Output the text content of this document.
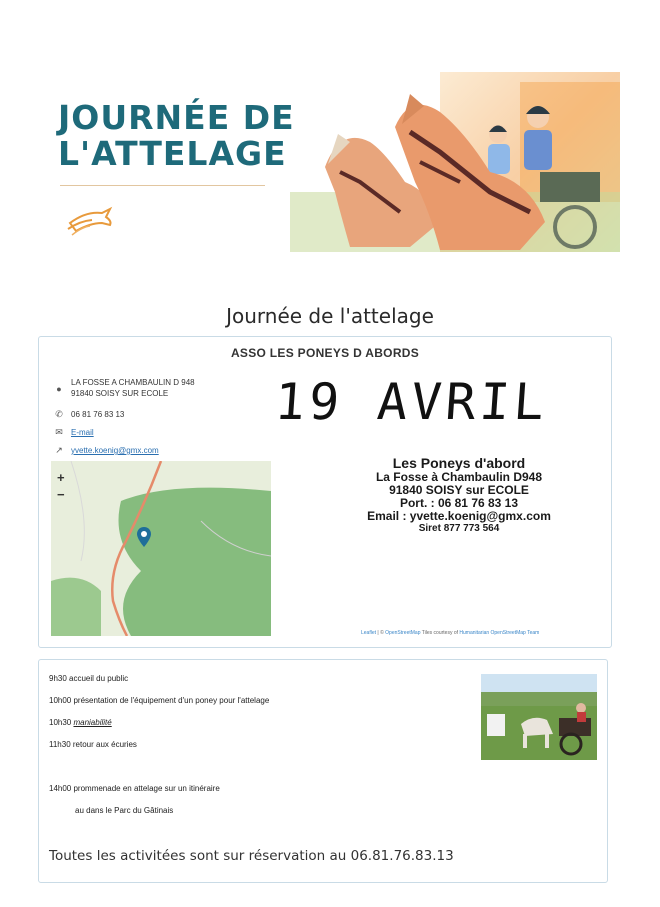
JOURNÉE DE
L'ATTELAGE
Journée de l'attelage
ASSO LES PONEYS D ABORDS
●
LA FOSSE A CHAMBAULIN D 948
91840 SOISY SUR ECOLE
✆ 06 81 76 83 13
✉ E-mail
↗ yvette.koenig@gmx.com
19 AVRIL
Les Poneys d'abord
La Fosse à Chambaulin D948
91840 SOISY sur ECOLE
Port. : 06 81 76 83 13
Email : yvette.koenig@gmx.com
Siret 877 773 564
+
−
Leaflet | © OpenStreetMap Tiles courtesy of Humanitarian OpenStreetMap Team
9h30 accueil du public
10h00 présentation de l'équipement d'un poney pour l'attelage
10h30 maniabilité
11h30 retour aux écuries
14h00 prommenade en attelage sur un itinéraire
au dans le Parc du Gâtinais
Toutes les activitées sont sur réservation au 06.81.76.83.13
